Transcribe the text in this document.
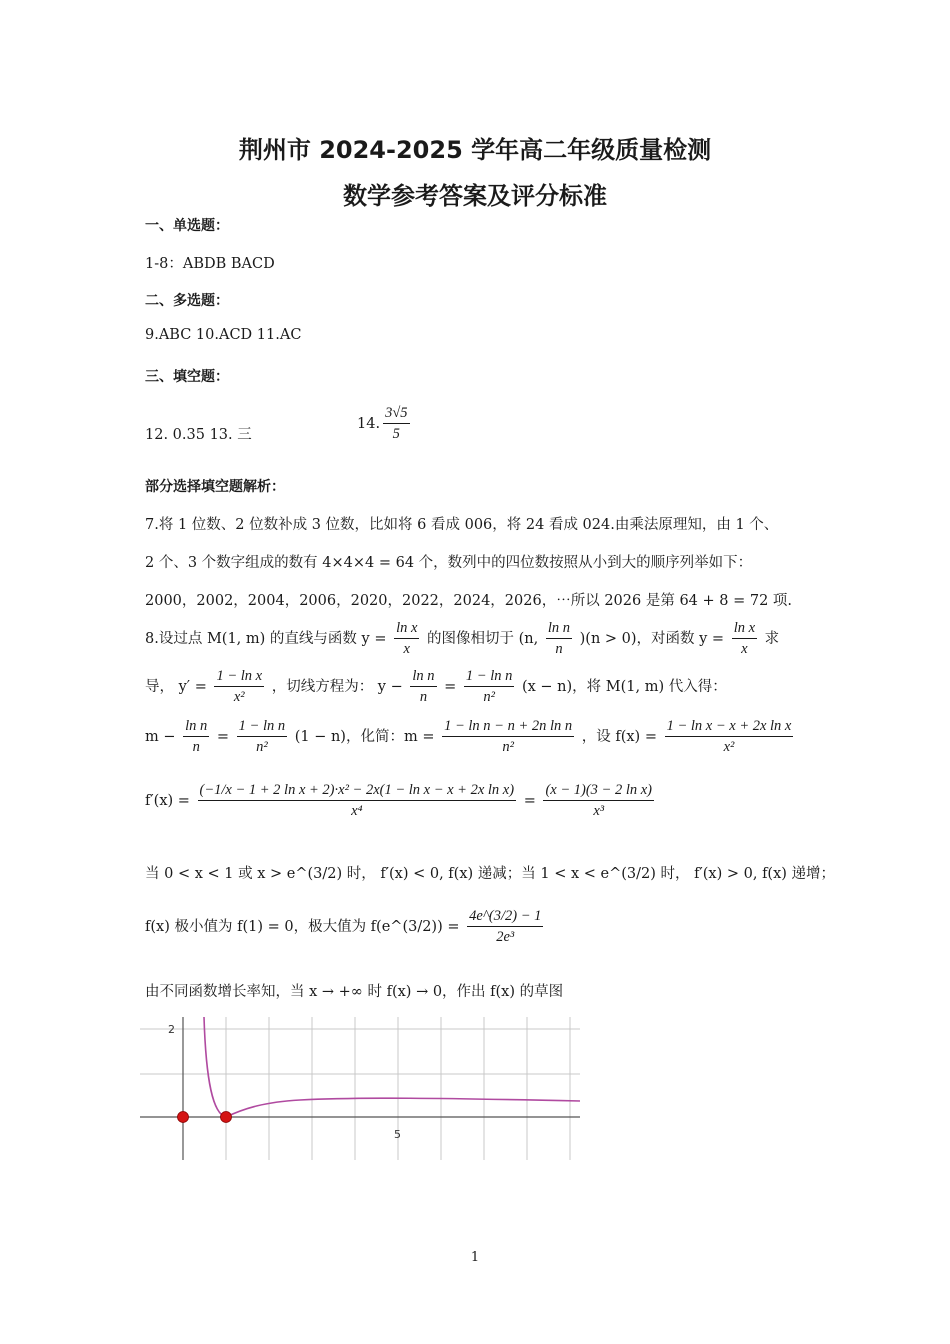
荆州市 2024-2025 学年高二年级质量检测
数学参考答案及评分标准
一、单选题：
1-8：ABDB BACD
二、多选题：
9.ABC 10.ACD 11.AC
三、填空题：
12. 0.35 13. 三
14. $\frac{3√5}{5}$
部分选择填空题解析：
7.将 1 位数、2 位数补成 3 位数，比如将 6 看成 006，将 24 看成 024.由乘法原理知，由 1 个、
2 个、3 个数字组成的数有 4×4×4 = 64 个，数列中的四位数按照从小到大的顺序列举如下：
2000，2002，2004，2006，2020，2022，2024，2026，⋯所以 2026 是第 64 + 8 = 72 项.
8.设过点 M(1, m) 的直线与函数 $y = \frac{\text{ln x}}{x}$ 的图像相切于 (n, $\frac{\text{ln n}}{n} )(n > 0)$，对函数 $y = \frac{\text{ln x}}{x}$ 求
导， $y' = \frac{\text{1 − ln x}}{\text{x²}}$ ，切线方程为： $y - \frac{\text{ln n}}{n} = \frac{\text{1 − ln n}}{\text{n²}} (x - n)$，将 M(1, m) 代入得：
$m - \frac{\text{ln n}}{n} = \frac{\text{1 − ln n}}{\text{n²}} (1 - n)$，化简：$m = \frac{\text{1 − ln n − n + 2n ln n}}{\text{n²}}$ ，设 $f(x) = \frac{\text{1 − ln x − x + 2x ln x}}{\text{x²}}$
$f'(x) = \frac{\text{(−1/x − 1 + 2 ln x + 2)·x² − 2x(1 − ln x − x + 2x ln x)}}{\text{x⁴}} = \frac{\text{(x − 1)(3 − 2 ln x)}}{\text{x³}}$
当 0 < x < 1 或 x > e^(3/2) 时， f′(x) < 0, f(x) 递减；当 1 < x < e^(3/2) 时， f′(x) > 0, f(x) 递增；
f(x) 极小值为 f(1) = 0，极大值为 f(e^(3/2)) = $\frac{4e\^{}(3/2) - 1}{\text{2e³}}$
由不同函数增长率知，当 x → +∞ 时 f(x) → 0，作出 f(x) 的草图
2
5
1
